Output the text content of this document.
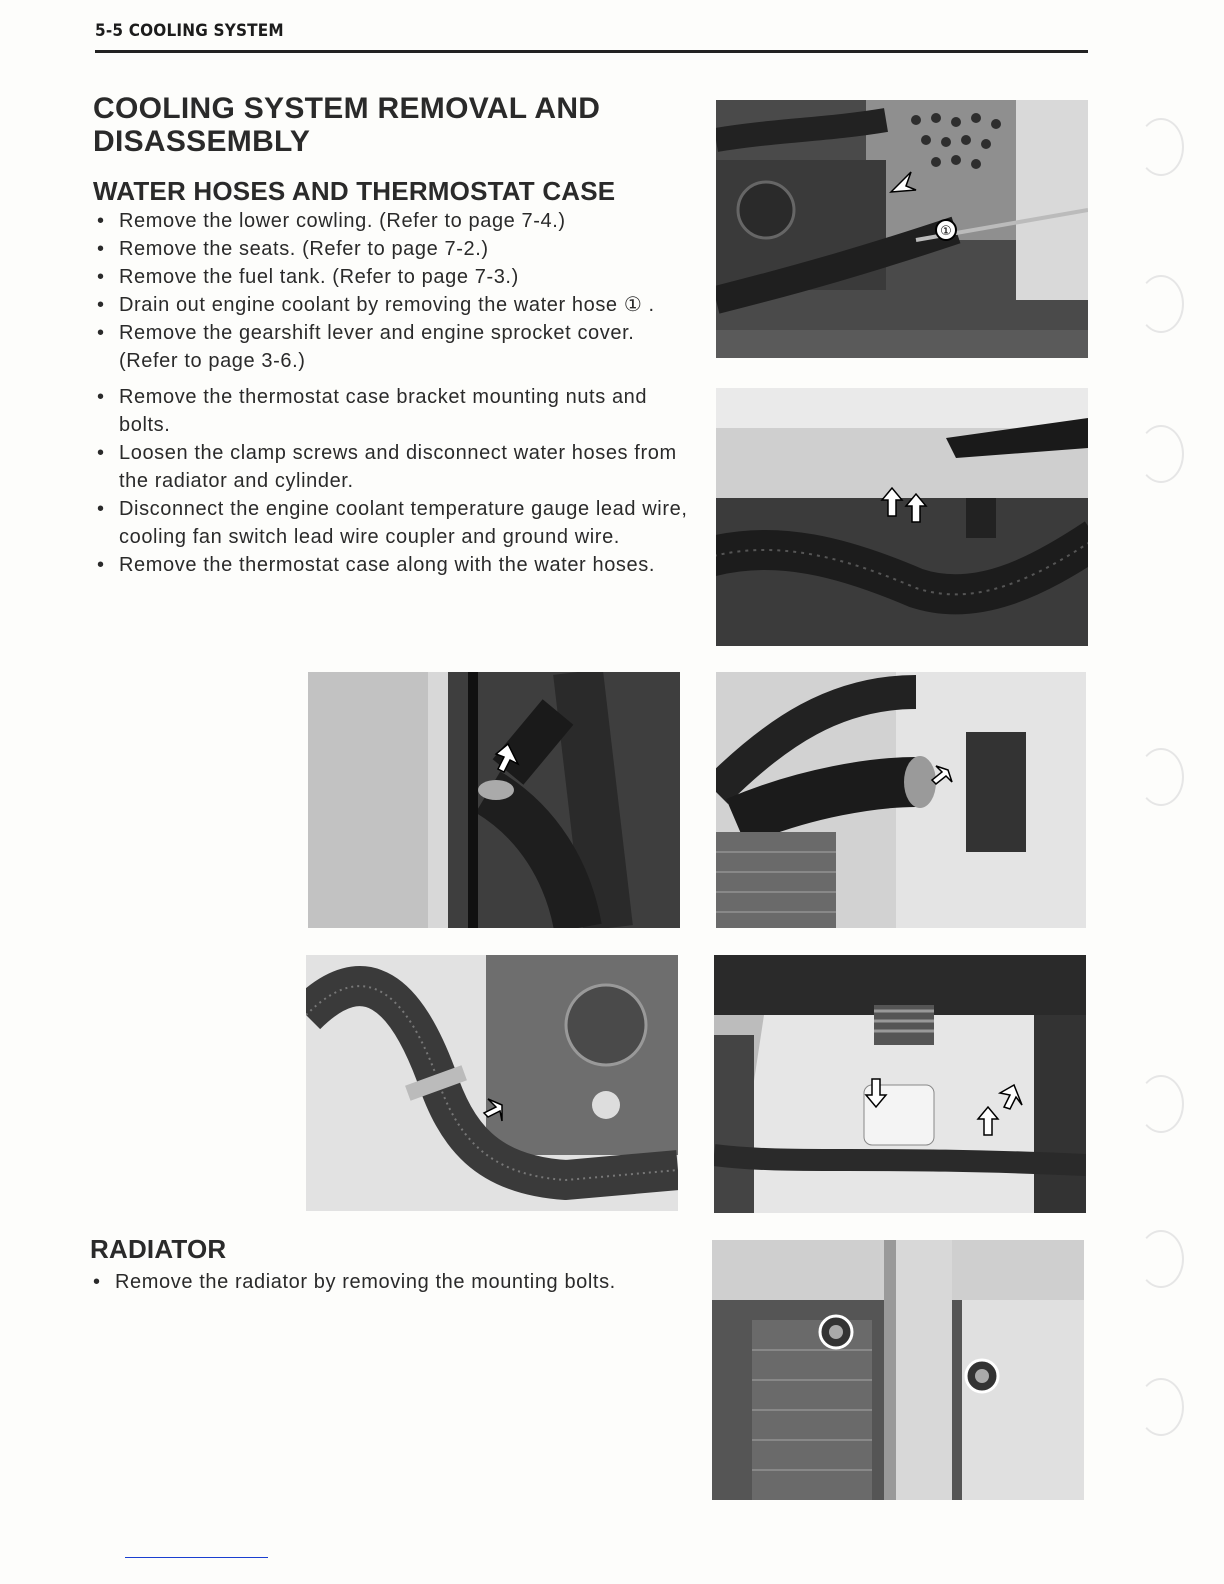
5-5 COOLING SYSTEM
COOLING SYSTEM REMOVAL AND DISASSEMBLY
WATER HOSES AND THERMOSTAT CASE
• Remove the lower cowling. (Refer to page 7-4.)
• Remove the seats. (Refer to page 7-2.)
• Remove the fuel tank. (Refer to page 7-3.)
• Drain out engine coolant by removing the water hose ① .
• Remove the gearshift lever and engine sprocket cover. (Refer to page 3-6.)
• Remove the thermostat case bracket mounting nuts and bolts.
• Loosen the clamp screws and disconnect water hoses from the radiator and cylinder.
• Disconnect the engine coolant temperature gauge lead wire, cooling fan switch lead wire coupler and ground wire.
• Remove the thermostat case along with the water hoses.
RADIATOR
• Remove the radiator by removing the mounting bolts.
①
